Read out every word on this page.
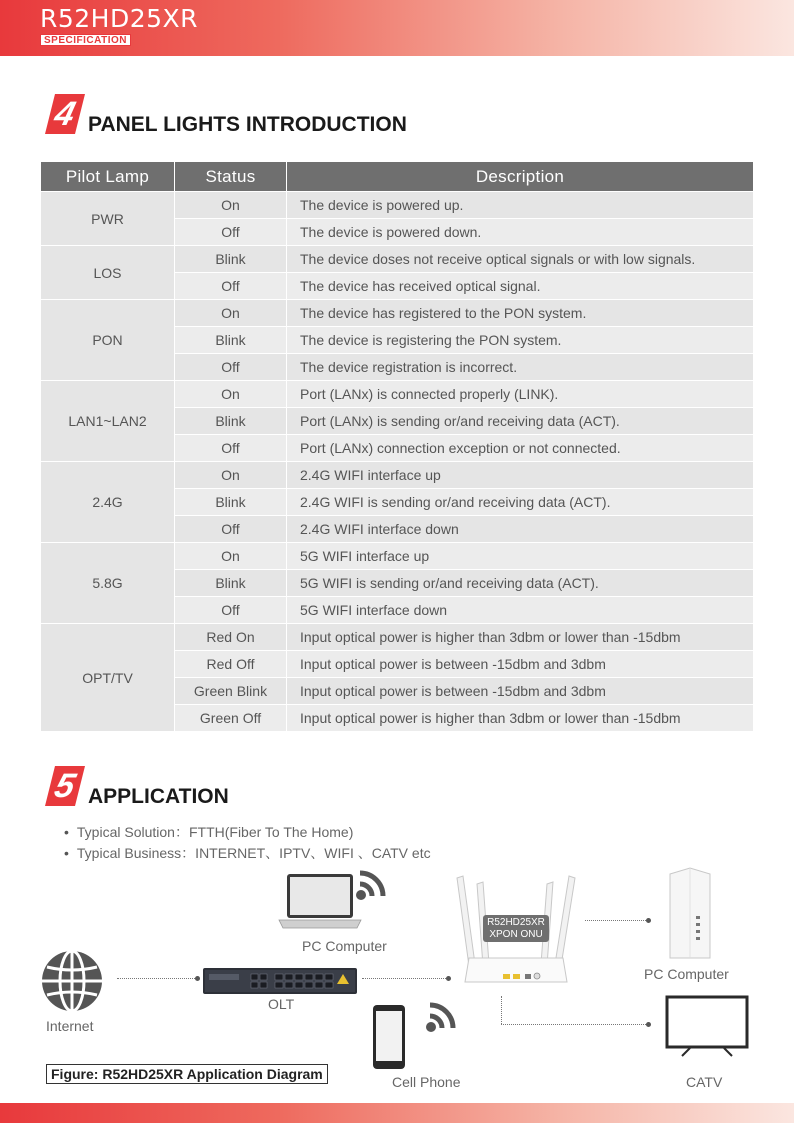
R52HD25XR
SPECIFICATION
4 PANEL LIGHTS INTRODUCTION
Pilot Lamp	Status	Description
PWR	On	The device is powered up.
	Off	The device is powered down.
LOS	Blink	The device doses not receive optical signals or with low signals.
	Off	The device has received optical signal.
PON	On	The device has registered to the PON system.
	Blink	The device is registering the PON system.
	Off	The device registration is incorrect.
LAN1~LAN2	On	Port (LANx) is connected properly (LINK).
	Blink	Port (LANx) is sending or/and receiving data (ACT).
	Off	Port (LANx) connection exception or not connected.
2.4G	On	2.4G WIFI interface up
	Blink	2.4G WIFI is sending or/and receiving data (ACT).
	Off	2.4G WIFI interface down
5.8G	On	5G WIFI interface up
	Blink	5G WIFI is sending or/and receiving data (ACT).
	Off	5G WIFI interface down
OPT/TV	Red On	Input optical power is higher than 3dbm or lower than -15dbm
	Red Off	Input optical power is between -15dbm and 3dbm
	Green Blink	Input optical power is between -15dbm and 3dbm
	Green Off	Input optical power is higher than 3dbm or lower than -15dbm
5 APPLICATION
• Typical Solution：FTTH(Fiber To The Home)
• Typical Business：INTERNET、IPTV、WIFI 、CATV etc
Internet
OLT
PC Computer
R52HD25XR
XPON ONU
PC Computer
CATV
Cell Phone
Figure: R52HD25XR Application Diagram
